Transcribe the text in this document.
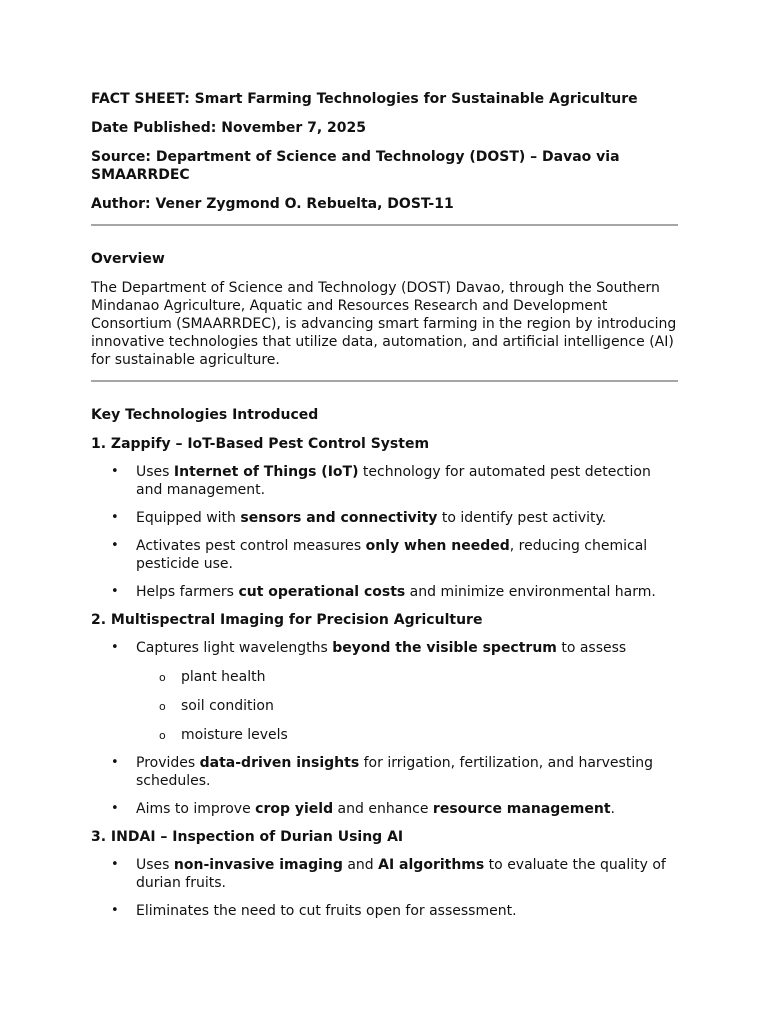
FACT SHEET: Smart Farming Technologies for Sustainable Agriculture

Date Published: November 7, 2025

Source: Department of Science and Technology (DOST) – Davao via SMAARRDEC

Author: Vener Zygmond O. Rebuelta, DOST-11

Overview

The Department of Science and Technology (DOST) Davao, through the Southern Mindanao Agriculture, Aquatic and Resources Research and Development Consortium (SMAARRDEC), is advancing smart farming in the region by introducing innovative technologies that utilize data, automation, and artificial intelligence (AI) for sustainable agriculture.

Key Technologies Introduced

1. Zappify – IoT-Based Pest Control System

• Uses Internet of Things (IoT) technology for automated pest detection and management.
• Equipped with sensors and connectivity to identify pest activity.
• Activates pest control measures only when needed, reducing chemical pesticide use.
• Helps farmers cut operational costs and minimize environmental harm.

2. Multispectral Imaging for Precision Agriculture

• Captures light wavelengths beyond the visible spectrum to assess
o plant health
o soil condition
o moisture levels
• Provides data-driven insights for irrigation, fertilization, and harvesting schedules.
• Aims to improve crop yield and enhance resource management.

3. INDAI – Inspection of Durian Using AI

• Uses non-invasive imaging and AI algorithms to evaluate the quality of durian fruits.
• Eliminates the need to cut fruits open for assessment.
